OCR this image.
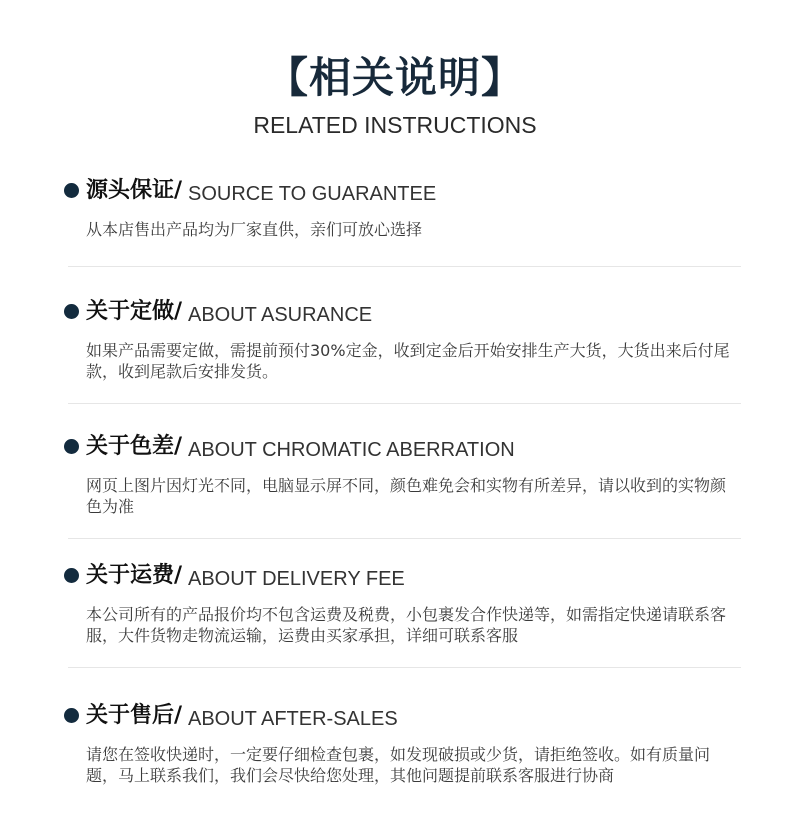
【相关说明】
RELATED INSTRUCTIONS
源头保证/ SOURCE TO GUARANTEE
从本店售出产品均为厂家直供，亲们可放心选择
关于定做/ ABOUT ASURANCE
如果产品需要定做，需提前预付30%定金，收到定金后开始安排生产大货，大货出来后付尾款，收到尾款后安排发货。
关于色差/ ABOUT CHROMATIC ABERRATION
网页上图片因灯光不同，电脑显示屏不同，颜色难免会和实物有所差异，请以收到的实物颜色为准
关于运费/ ABOUT DELIVERY FEE
本公司所有的产品报价均不包含运费及税费，小包裹发合作快递等，如需指定快递请联系客服，大件货物走物流运输，运费由买家承担，详细可联系客服
关于售后/ ABOUT AFTER-SALES
请您在签收快递时，一定要仔细检查包裹，如发现破损或少货，请拒绝签收。如有质量问题，马上联系我们，我们会尽快给您处理，其他问题提前联系客服进行协商
